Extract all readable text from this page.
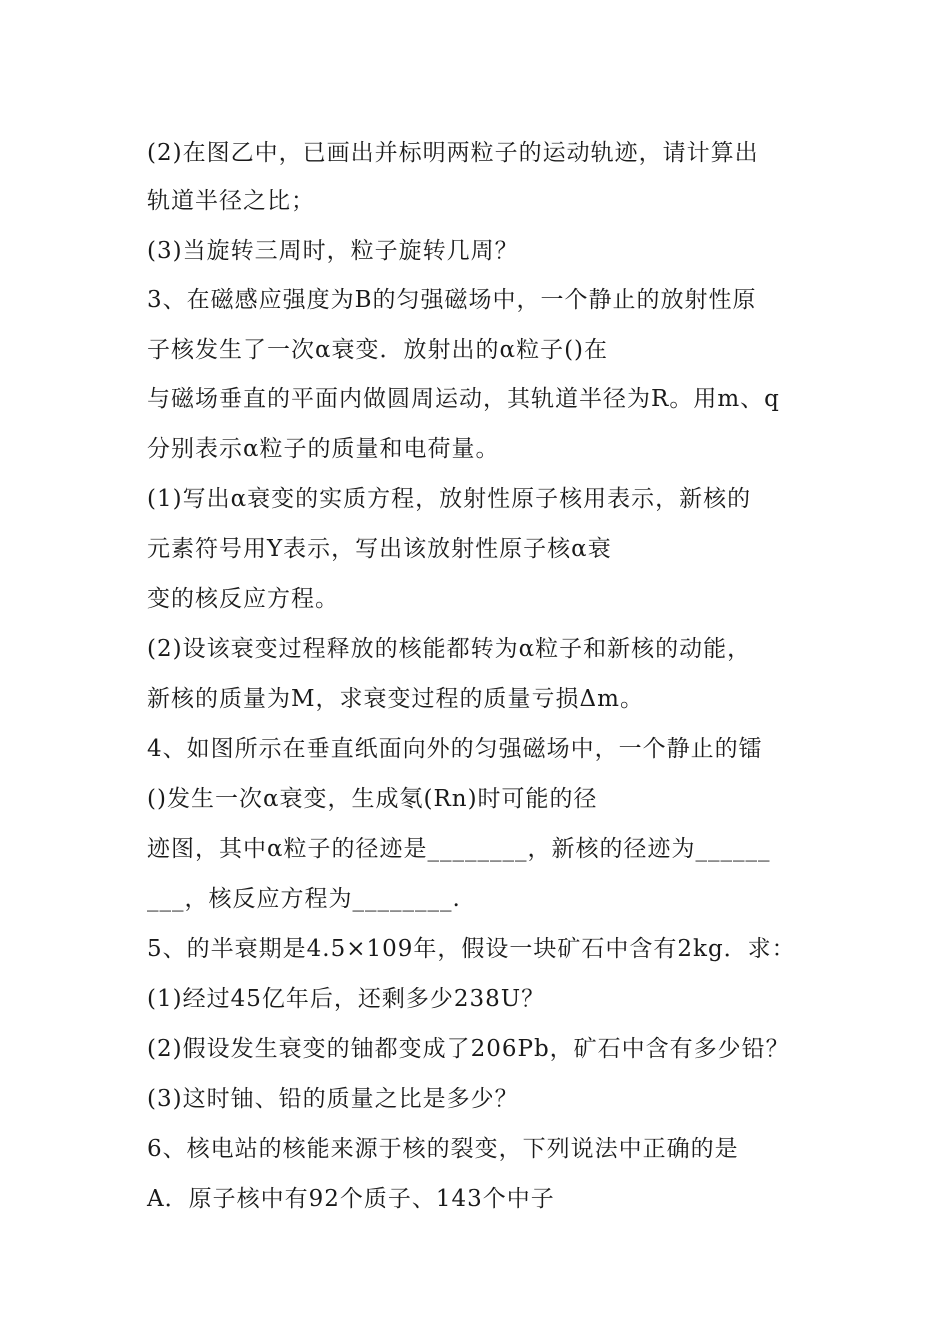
(2)在图乙中，已画出并标明两粒子的运动轨迹，请计算出
轨道半径之比；
(3)当旋转三周时，粒子旋转几周？
3、在磁感应强度为B的匀强磁场中，一个静止的放射性原
子核发生了一次α衰变．放射出的α粒子()在
与磁场垂直的平面内做圆周运动，其轨道半径为R。用m、q
分别表示α粒子的质量和电荷量。
(1)写出α衰变的实质方程，放射性原子核用表示，新核的
元素符号用Y表示，写出该放射性原子核α衰
变的核反应方程。
(2)设该衰变过程释放的核能都转为α粒子和新核的动能，
新核的质量为M，求衰变过程的质量亏损Δm。
4、如图所示在垂直纸面向外的匀强磁场中，一个静止的镭
()发生一次α衰变，生成氡(Rn)时可能的径
迹图，其中α粒子的径迹是________，新核的径迹为______
___，核反应方程为________.
5、的半衰期是4.5×109年，假设一块矿石中含有2kg．求：
(1)经过45亿年后，还剩多少238U？
(2)假设发生衰变的铀都变成了206Pb，矿石中含有多少铅？
(3)这时铀、铅的质量之比是多少？
6、核电站的核能来源于核的裂变，下列说法中正确的是
A．原子核中有92个质子、143个中子
